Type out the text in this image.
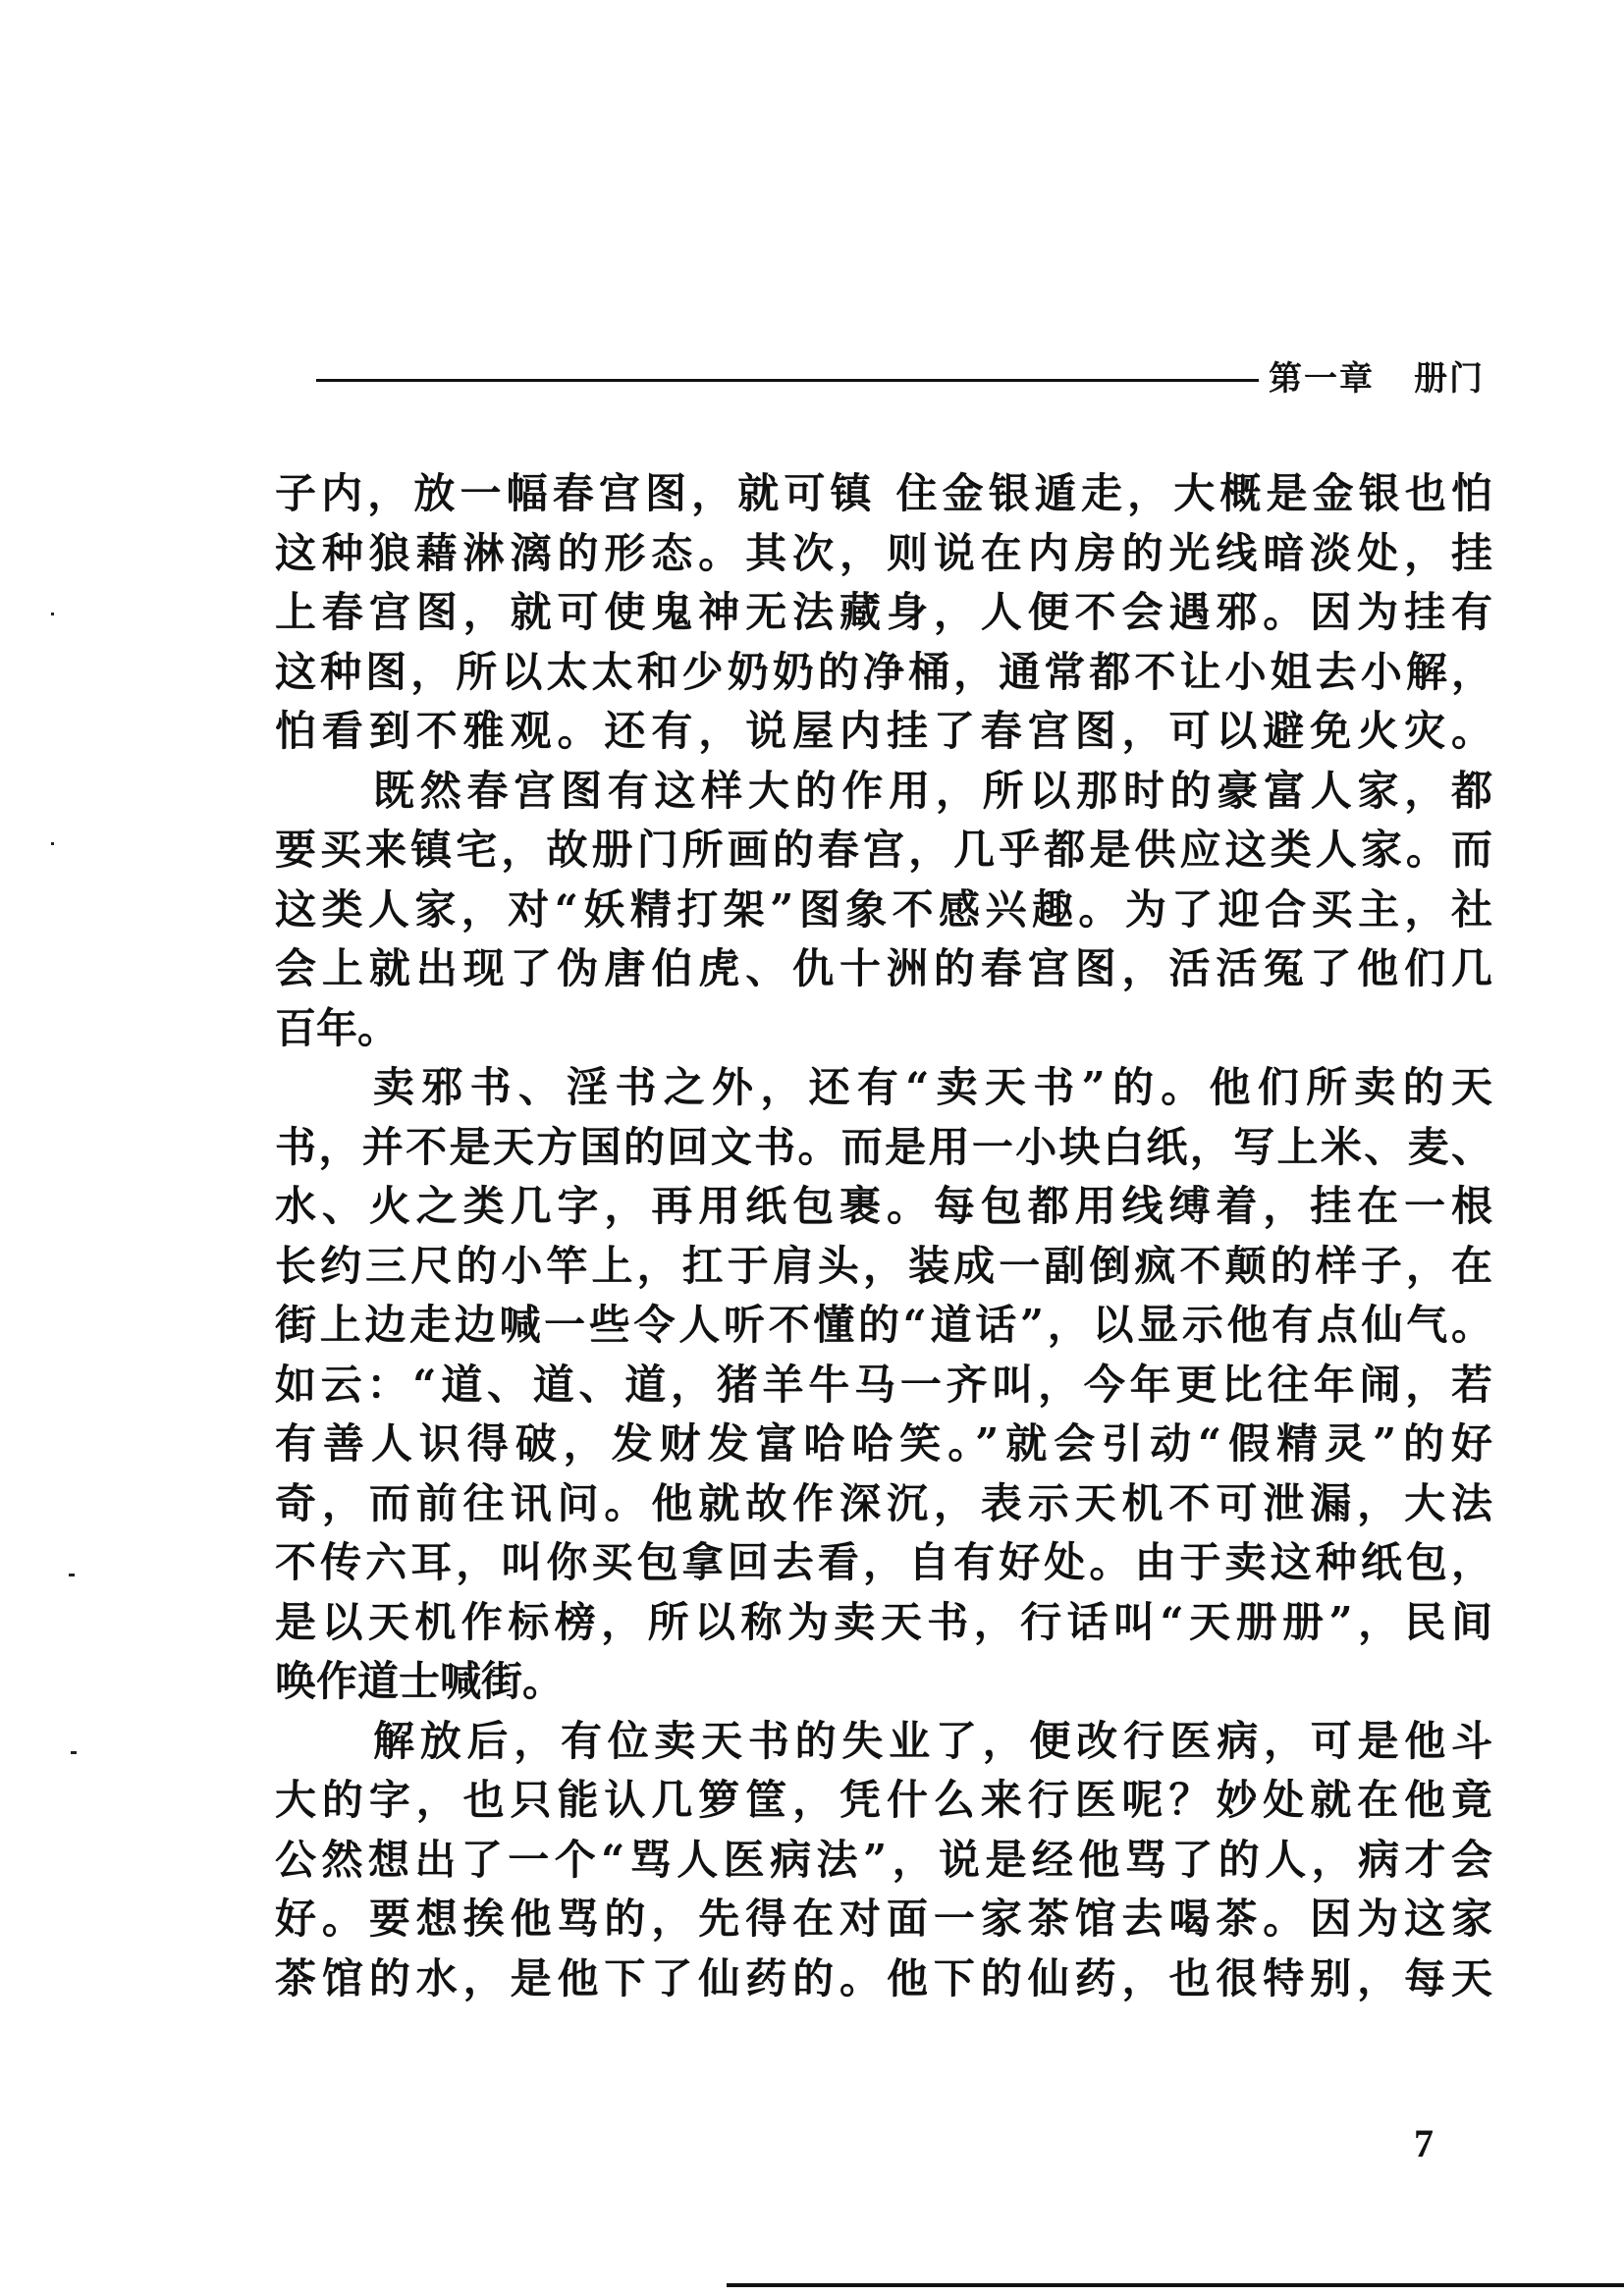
第一章 册门
子内，放一幅春宫图，就可镇 住金银遁走，大概是金银也怕
这种狼藉淋漓的形态。其次，则说在内房的光线暗淡处，挂
上春宫图，就可使鬼神无法藏身，人便不会遇邪。因为挂有
这种图，所以太太和少奶奶的净桶，通常都不让小姐去小解，
怕看到不雅观。还有，说屋内挂了春宫图，可以避免火灾。
既然春宫图有这样大的作用，所以那时的豪富人家，都
要买来镇宅，故册门所画的春宫，几乎都是供应这类人家。而
这类人家，对“妖精打架”图象不感兴趣。为了迎合买主，社
会上就出现了伪唐伯虎、仇十洲的春宫图，活活冤了他们几
百年。
卖邪书、淫书之外，还有“卖天书”的。他们所卖的天
书，并不是天方国的回文书。而是用一小块白纸，写上米、麦、
水、火之类几字，再用纸包裹。每包都用线缚着，挂在一根
长约三尺的小竿上，扛于肩头，装成一副倒疯不颠的样子，在
街上边走边喊一些令人听不懂的“道话”，以显示他有点仙气。
如云：“道、道、道，猪羊牛马一齐叫，今年更比往年闹，若
有善人识得破，发财发富哈哈笑。”就会引动“假精灵”的好
奇，而前往讯问。他就故作深沉，表示天机不可泄漏，大法
不传六耳，叫你买包拿回去看，自有好处。由于卖这种纸包，
是以天机作标榜，所以称为卖天书，行话叫“天册册”，民间
唤作道士喊街。
解放后，有位卖天书的失业了，便改行医病，可是他斗
大的字，也只能认几箩筐，凭什么来行医呢？妙处就在他竟
公然想出了一个“骂人医病法”，说是经他骂了的人，病才会
好。要想挨他骂的，先得在对面一家茶馆去喝茶。因为这家
茶馆的水，是他下了仙药的。他下的仙药，也很特别，每天
7
